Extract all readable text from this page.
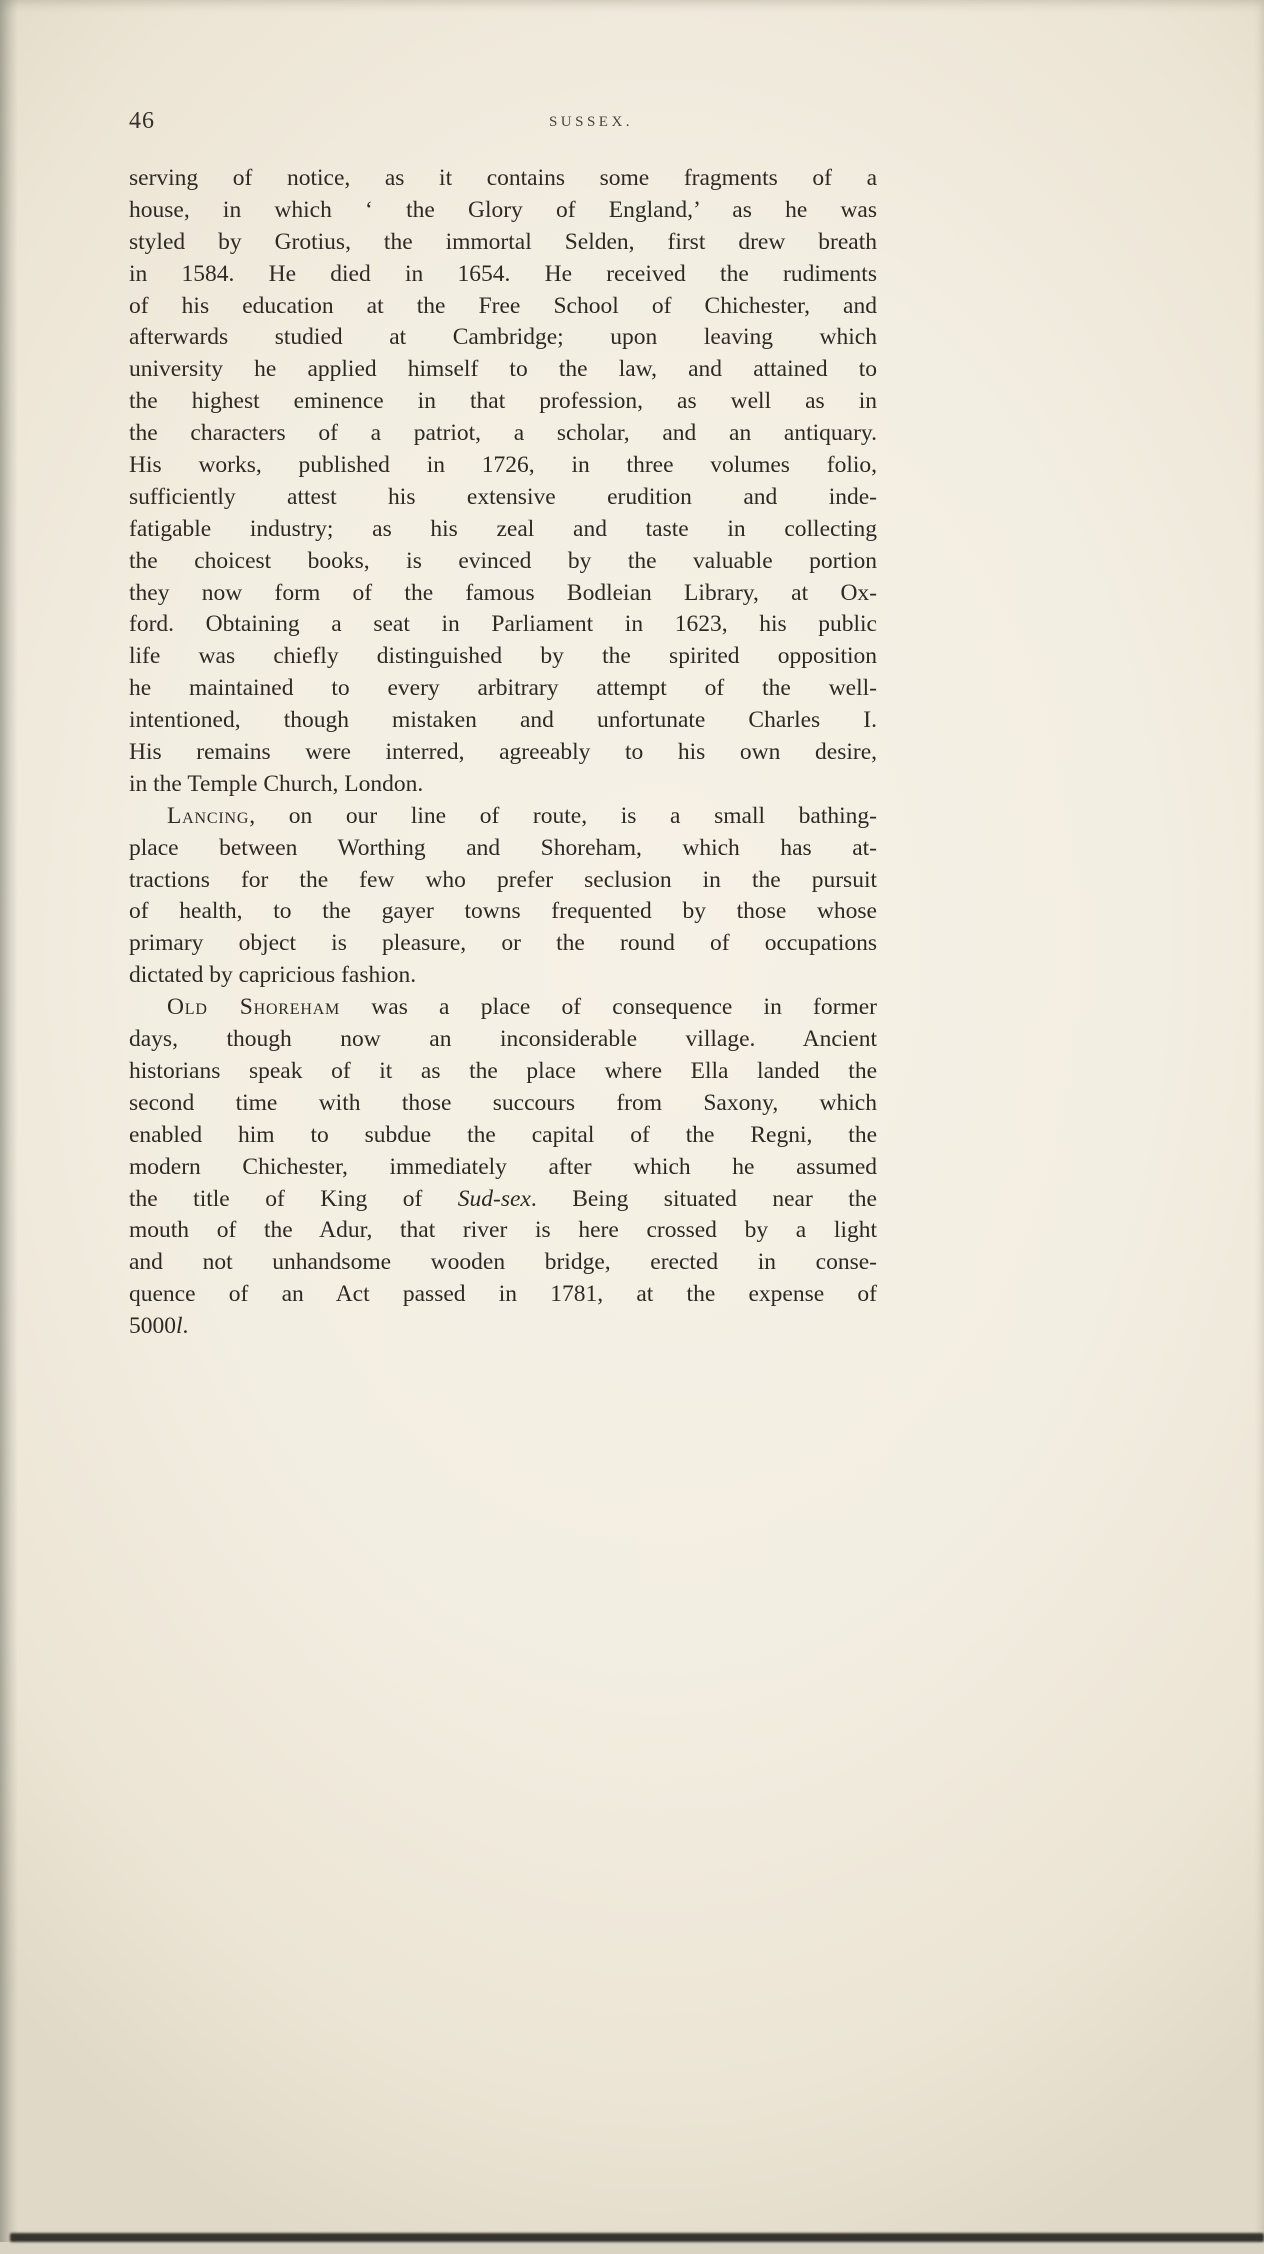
46	SUSSEX.
serving of notice, as it contains some fragments of a
house, in which ‘ the Glory of England,’ as he was
styled by Grotius, the immortal Selden, first drew breath
in 1584. He died in 1654. He received the rudiments
of his education at the Free School of Chichester, and
afterwards studied at Cambridge; upon leaving which
university he applied himself to the law, and attained to
the highest eminence in that profession, as well as in
the characters of a patriot, a scholar, and an antiquary.
His works, published in 1726, in three volumes folio,
sufficiently attest his extensive erudition and inde-
fatigable industry; as his zeal and taste in collecting
the choicest books, is evinced by the valuable portion
they now form of the famous Bodleian Library, at Ox-
ford. Obtaining a seat in Parliament in 1623, his public
life was chiefly distinguished by the spirited opposition
he maintained to every arbitrary attempt of the well-
intentioned, though mistaken and unfortunate Charles I.
His remains were interred, agreeably to his own desire,
in the Temple Church, London.
Lancing, on our line of route, is a small bathing-
place between Worthing and Shoreham, which has at-
tractions for the few who prefer seclusion in the pursuit
of health, to the gayer towns frequented by those whose
primary object is pleasure, or the round of occupations
dictated by capricious fashion.
Old Shoreham was a place of consequence in former
days, though now an inconsiderable village. Ancient
historians speak of it as the place where Ella landed the
second time with those succours from Saxony, which
enabled him to subdue the capital of the Regni, the
modern Chichester, immediately after which he assumed
the title of King of Sud-sex. Being situated near the
mouth of the Adur, that river is here crossed by a light
and not unhandsome wooden bridge, erected in conse-
quence of an Act passed in 1781, at the expense of
5000l.
